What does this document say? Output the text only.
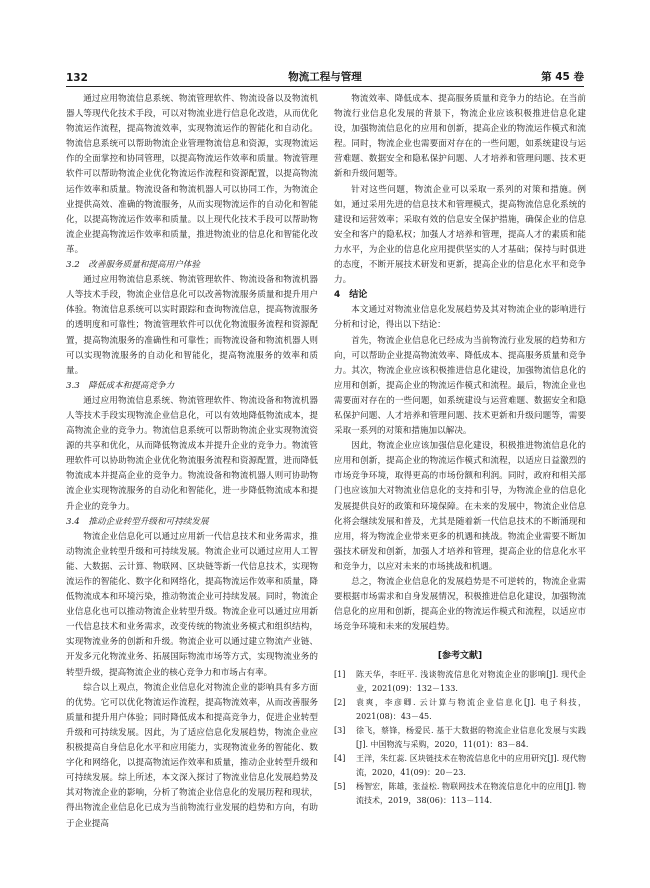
132	物流工程与管理	第 45 卷

通过应用物流信息系统、物流管理软件、物流设备以及物流机器人等现代化技术手段，可以对物流业进行信息化改造，从而优化物流运作流程，提高物流效率，实现物流运作的智能化和自动化。物流信息系统可以帮助物流企业管理物流信息和资源，实现物流运作的全面掌控和协同管理，以提高物流运作效率和质量。物流管理软件可以帮助物流企业优化物流运作流程和资源配置，以提高物流运作效率和质量。物流设备和物流机器人可以协同工作，为物流企业提供高效、准确的物流服务，从而实现物流运作的自动化和智能化，以提高物流运作效率和质量。以上现代化技术手段可以帮助物流企业提高物流运作效率和质量，推进物流业的信息化和智能化改革。

3.2　改善服务质量和提高用户体验

通过应用物流信息系统、物流管理软件、物流设备和物流机器人等技术手段，物流企业信息化可以改善物流服务质量和提升用户体验。物流信息系统可以实时跟踪和查询物流信息，提高物流服务的透明度和可靠性；物流管理软件可以优化物流服务流程和资源配置，提高物流服务的准确性和可靠性；而物流设备和物流机器人则可以实现物流服务的自动化和智能化，提高物流服务的效率和质量。

3.3　降低成本和提高竞争力

通过应用物流信息系统、物流管理软件、物流设备和物流机器人等技术手段实现物流企业信息化，可以有效地降低物流成本，提高物流企业的竞争力。物流信息系统可以帮助物流企业实现物流资源的共享和优化，从而降低物流成本并提升企业的竞争力。物流管理软件可以协助物流企业优化物流服务流程和资源配置，进而降低物流成本并提高企业的竞争力。物流设备和物流机器人则可协助物流企业实现物流服务的自动化和智能化，进一步降低物流成本和提升企业的竞争力。

3.4　推动企业转型升级和可持续发展

物流企业信息化可以通过应用新一代信息技术和业务需求，推动物流企业转型升级和可持续发展。物流企业可以通过应用人工智能、大数据、云计算、物联网、区块链等新一代信息技术，实现物流运作的智能化、数字化和网络化，提高物流运作效率和质量，降低物流成本和环境污染，推动物流企业可持续发展。同时，物流企业信息化也可以推动物流企业转型升级。物流企业可以通过应用新一代信息技术和业务需求，改变传统的物流业务模式和组织结构，实现物流业务的创新和升级。物流企业可以通过建立物流产业链、开发多元化物流业务、拓展国际物流市场等方式，实现物流业务的转型升级，提高物流企业的核心竞争力和市场占有率。

综合以上观点，物流企业信息化对物流企业的影响具有多方面的优势。它可以优化物流运作流程，提高物流效率，从而改善服务质量和提升用户体验；同时降低成本和提高竞争力，促进企业转型升级和可持续发展。因此，为了适应信息化发展趋势，物流企业应积极提高自身信息化水平和应用能力，实现物流业务的智能化、数字化和网络化，以提高物流运作效率和质量，推动企业转型升级和可持续发展。综上所述，本文深入探讨了物流业信息化发展趋势及其对物流企业的影响，分析了物流企业信息化的发展历程和现状，得出物流企业信息化已成为当前物流行业发展的趋势和方向，有助于企业提高

物流效率、降低成本、提高服务质量和竞争力的结论。在当前物流行业信息化发展的背景下，物流企业应该积极推进信息化建设，加强物流信息化的应用和创新，提高企业的物流运作模式和流程。同时，物流企业也需要面对存在的一些问题，如系统建设与运营难题、数据安全和隐私保护问题、人才培养和管理问题、技术更新和升级问题等。

针对这些问题，物流企业可以采取一系列的对策和措施。例如，通过采用先进的信息技术和管理模式，提高物流信息化系统的建设和运营效率；采取有效的信息安全保护措施，确保企业的信息安全和客户的隐私权；加强人才培养和管理，提高人才的素质和能力水平，为企业的信息化应用提供坚实的人才基础；保持与时俱进的态度，不断开展技术研发和更新，提高企业的信息化水平和竞争力。

4　结论

本文通过对物流业信息化发展趋势及其对物流企业的影响进行分析和讨论，得出以下结论：

首先，物流企业信息化已经成为当前物流行业发展的趋势和方向，可以帮助企业提高物流效率、降低成本、提高服务质量和竞争力。其次，物流企业应该积极推进信息化建设，加强物流信息化的应用和创新，提高企业的物流运作模式和流程。最后，物流企业也需要面对存在的一些问题，如系统建设与运营难题、数据安全和隐私保护问题、人才培养和管理问题、技术更新和升级问题等，需要采取一系列的对策和措施加以解决。

因此，物流企业应该加强信息化建设，积极推进物流信息化的应用和创新，提高企业的物流运作模式和流程，以适应日益激烈的市场竞争环境，取得更高的市场份额和利润。同时，政府和相关部门也应该加大对物流业信息化的支持和引导，为物流企业的信息化发展提供良好的政策和环境保障。在未来的发展中，物流企业信息化将会继续发展和普及，尤其是随着新一代信息技术的不断涌现和应用，将为物流企业带来更多的机遇和挑战。物流企业需要不断加强技术研发和创新，加强人才培养和管理，提高企业的信息化水平和竞争力，以应对未来的市场挑战和机遇。

总之，物流企业信息化的发展趋势是不可逆转的，物流企业需要根据市场需求和自身发展情况，积极推进信息化建设，加强物流信息化的应用和创新，提高企业的物流运作模式和流程，以适应市场竞争环境和未来的发展趋势。

[参考文献]
[1]	陈天华，李旺平. 浅谈物流信息化对物流企业的影响[J]. 现代企业，2021(09)：132－133.
[2]	袁爽，李彦卿. 云计算与物流企业信息化[J]. 电子科技，2021(08)：43－45.
[3]	徐飞，蔡锋，杨爱民. 基于大数据的物流企业信息化发展与实践[J]. 中国物流与采购，2020，11(01)：83－84.
[4]	王洋，朱红蕊. 区块链技术在物流信息化中的应用研究[J]. 现代物流，2020，41(09)：20－23.
[5]	杨智宏，陈雄，张益松. 物联网技术在物流信息化中的应用[J]. 物流技术，2019，38(06)：113－114.
